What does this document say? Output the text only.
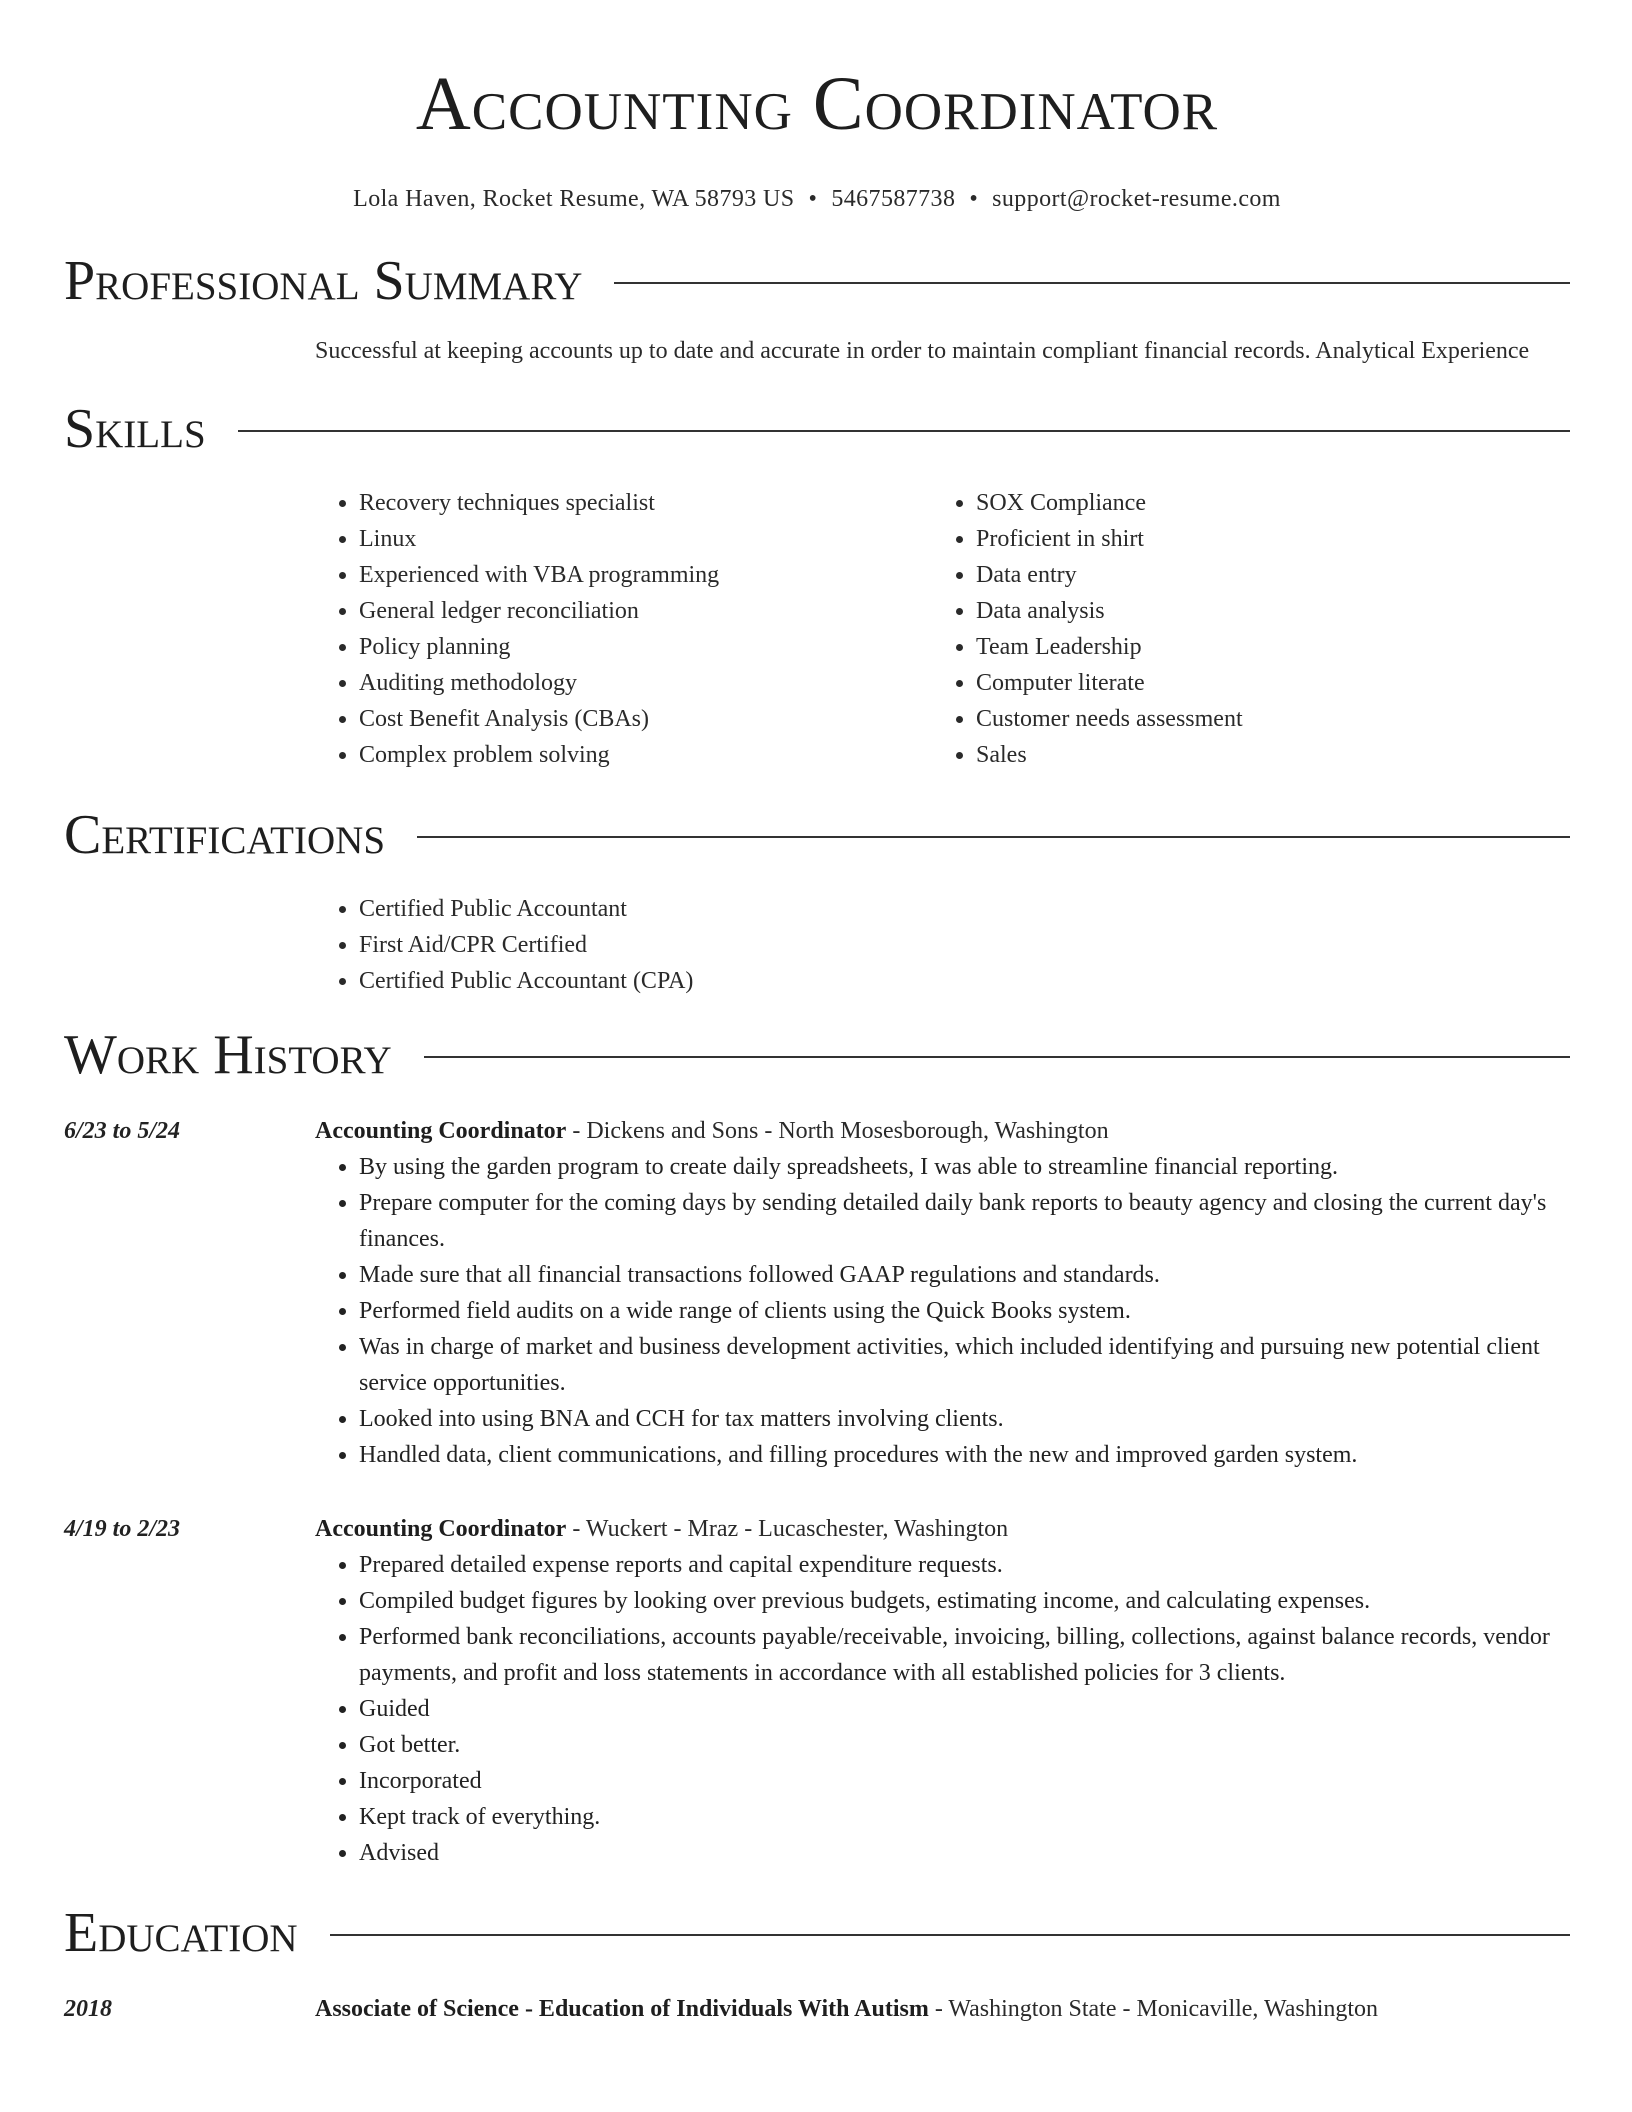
Accounting Coordinator
Lola Haven, Rocket Resume, WA 58793 US • 5467587738 • support@rocket-resume.com
Professional Summary
Successful at keeping accounts up to date and accurate in order to maintain compliant financial records. Analytical Experience
Skills
• Recovery techniques specialist
• Linux
• Experienced with VBA programming
• General ledger reconciliation
• Policy planning
• Auditing methodology
• Cost Benefit Analysis (CBAs)
• Complex problem solving
• SOX Compliance
• Proficient in shirt
• Data entry
• Data analysis
• Team Leadership
• Computer literate
• Customer needs assessment
• Sales
Certifications
• Certified Public Accountant
• First Aid/CPR Certified
• Certified Public Accountant (CPA)
Work History
6/23 to 5/24	Accounting Coordinator - Dickens and Sons - North Mosesborough, Washington
• By using the garden program to create daily spreadsheets, I was able to streamline financial reporting.
• Prepare computer for the coming days by sending detailed daily bank reports to beauty agency and closing the current day's finances.
• Made sure that all financial transactions followed GAAP regulations and standards.
• Performed field audits on a wide range of clients using the Quick Books system.
• Was in charge of market and business development activities, which included identifying and pursuing new potential client service opportunities.
• Looked into using BNA and CCH for tax matters involving clients.
• Handled data, client communications, and filling procedures with the new and improved garden system.
4/19 to 2/23	Accounting Coordinator - Wuckert - Mraz - Lucaschester, Washington
• Prepared detailed expense reports and capital expenditure requests.
• Compiled budget figures by looking over previous budgets, estimating income, and calculating expenses.
• Performed bank reconciliations, accounts payable/receivable, invoicing, billing, collections, against balance records, vendor payments, and profit and loss statements in accordance with all established policies for 3 clients.
• Guided
• Got better.
• Incorporated
• Kept track of everything.
• Advised
Education
2018	Associate of Science - Education of Individuals With Autism - Washington State - Monicaville, Washington
